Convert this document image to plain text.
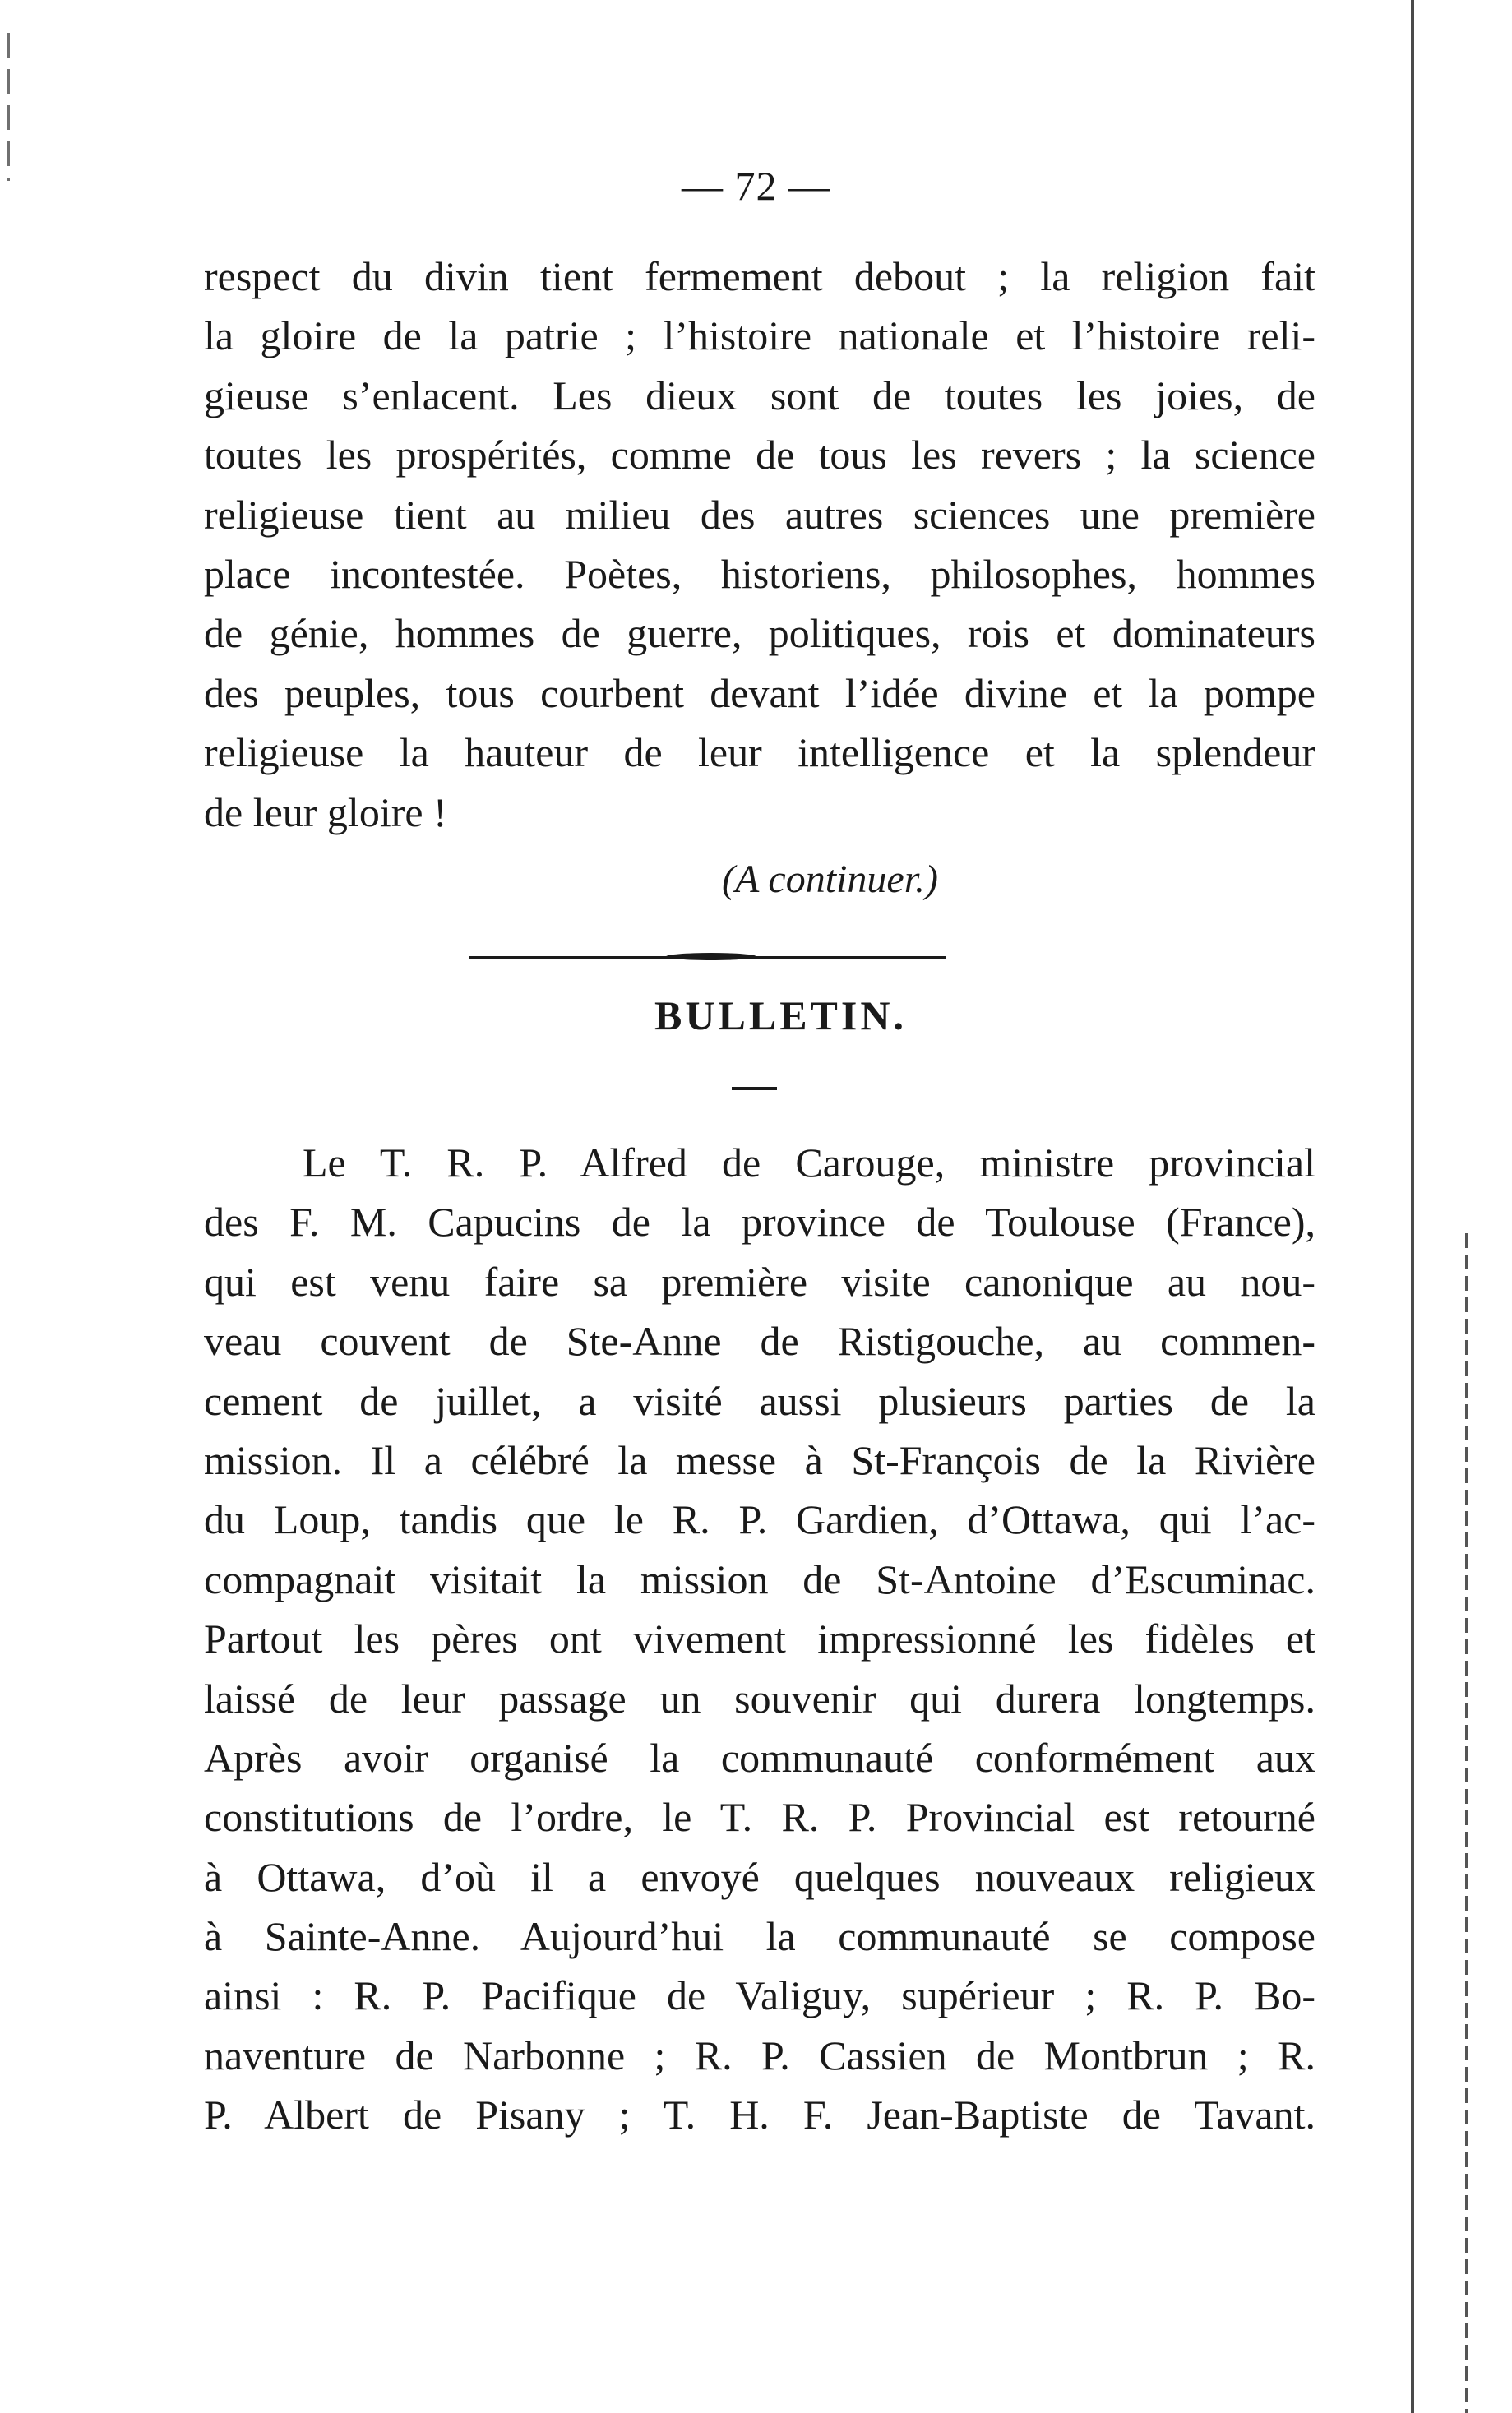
— 72 —
respect du divin tient fermement debout ; la religion fait
la gloire de la patrie ; l’histoire nationale et l’histoire reli-
gieuse s’enlacent. Les dieux sont de toutes les joies, de
toutes les prospérités, comme de tous les revers ; la science
religieuse tient au milieu des autres sciences une première
place incontestée. Poètes, historiens, philosophes, hommes
de génie, hommes de guerre, politiques, rois et dominateurs
des peuples, tous courbent devant l’idée divine et la pompe
religieuse la hauteur de leur intelligence et la splendeur
de leur gloire !
(A continuer.)
BULLETIN.
Le T. R. P. Alfred de Carouge, ministre provincial
des F. M. Capucins de la province de Toulouse (France),
qui est venu faire sa première visite canonique au nou-
veau couvent de Ste-Anne de Ristigouche, au commen-
cement de juillet, a visité aussi plusieurs parties de la
mission. Il a célébré la messe à St-François de la Rivière
du Loup, tandis que le R. P. Gardien, d’Ottawa, qui l’ac-
compagnait visitait la mission de St-Antoine d’Escuminac.
Partout les pères ont vivement impressionné les fidèles et
laissé de leur passage un souvenir qui durera longtemps.
Après avoir organisé la communauté conformément aux
constitutions de l’ordre, le T. R. P. Provincial est retourné
à Ottawa, d’où il a envoyé quelques nouveaux religieux
à Sainte-Anne. Aujourd’hui la communauté se compose
ainsi : R. P. Pacifique de Valiguy, supérieur ; R. P. Bo-
naventure de Narbonne ; R. P. Cassien de Montbrun ; R.
P. Albert de Pisany ; T. H. F. Jean-Baptiste de Tavant.
